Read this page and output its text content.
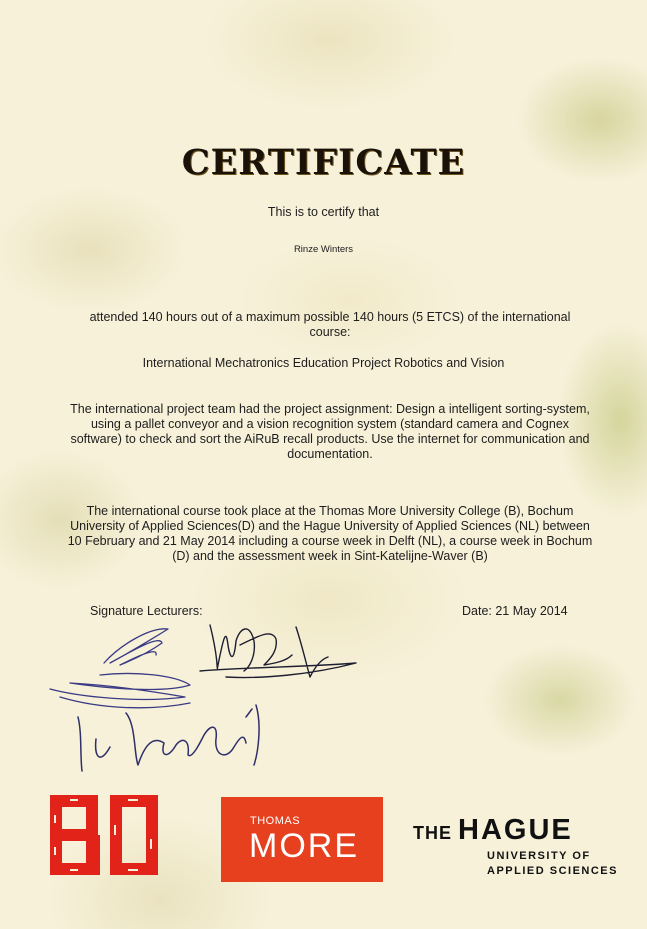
CERTIFICATE
This is to certify that
Rinze Winters
attended 140 hours out of a maximum possible 140 hours (5 ETCS) of the international course:
International Mechatronics Education Project Robotics and Vision
The international project team had the project assignment: Design a intelligent sorting-system, using a pallet conveyor and a vision recognition system (standard camera and Cognex software) to check and sort the AiRuB recall products. Use the internet for communication and documentation.
The international course took place at the Thomas More University College (B), Bochum University of Applied Sciences(D) and the Hague University of Applied Sciences (NL) between 10 February and 21 May 2014 including a course week in Delft (NL), a course week in Bochum (D) and the assessment week in Sint-Katelijne-Waver (B)
Signature Lecturers:	Date: 21 May 2014
THOMAS
MORE	THE HAGUE
UNIVERSITY OF
APPLIED SCIENCES
